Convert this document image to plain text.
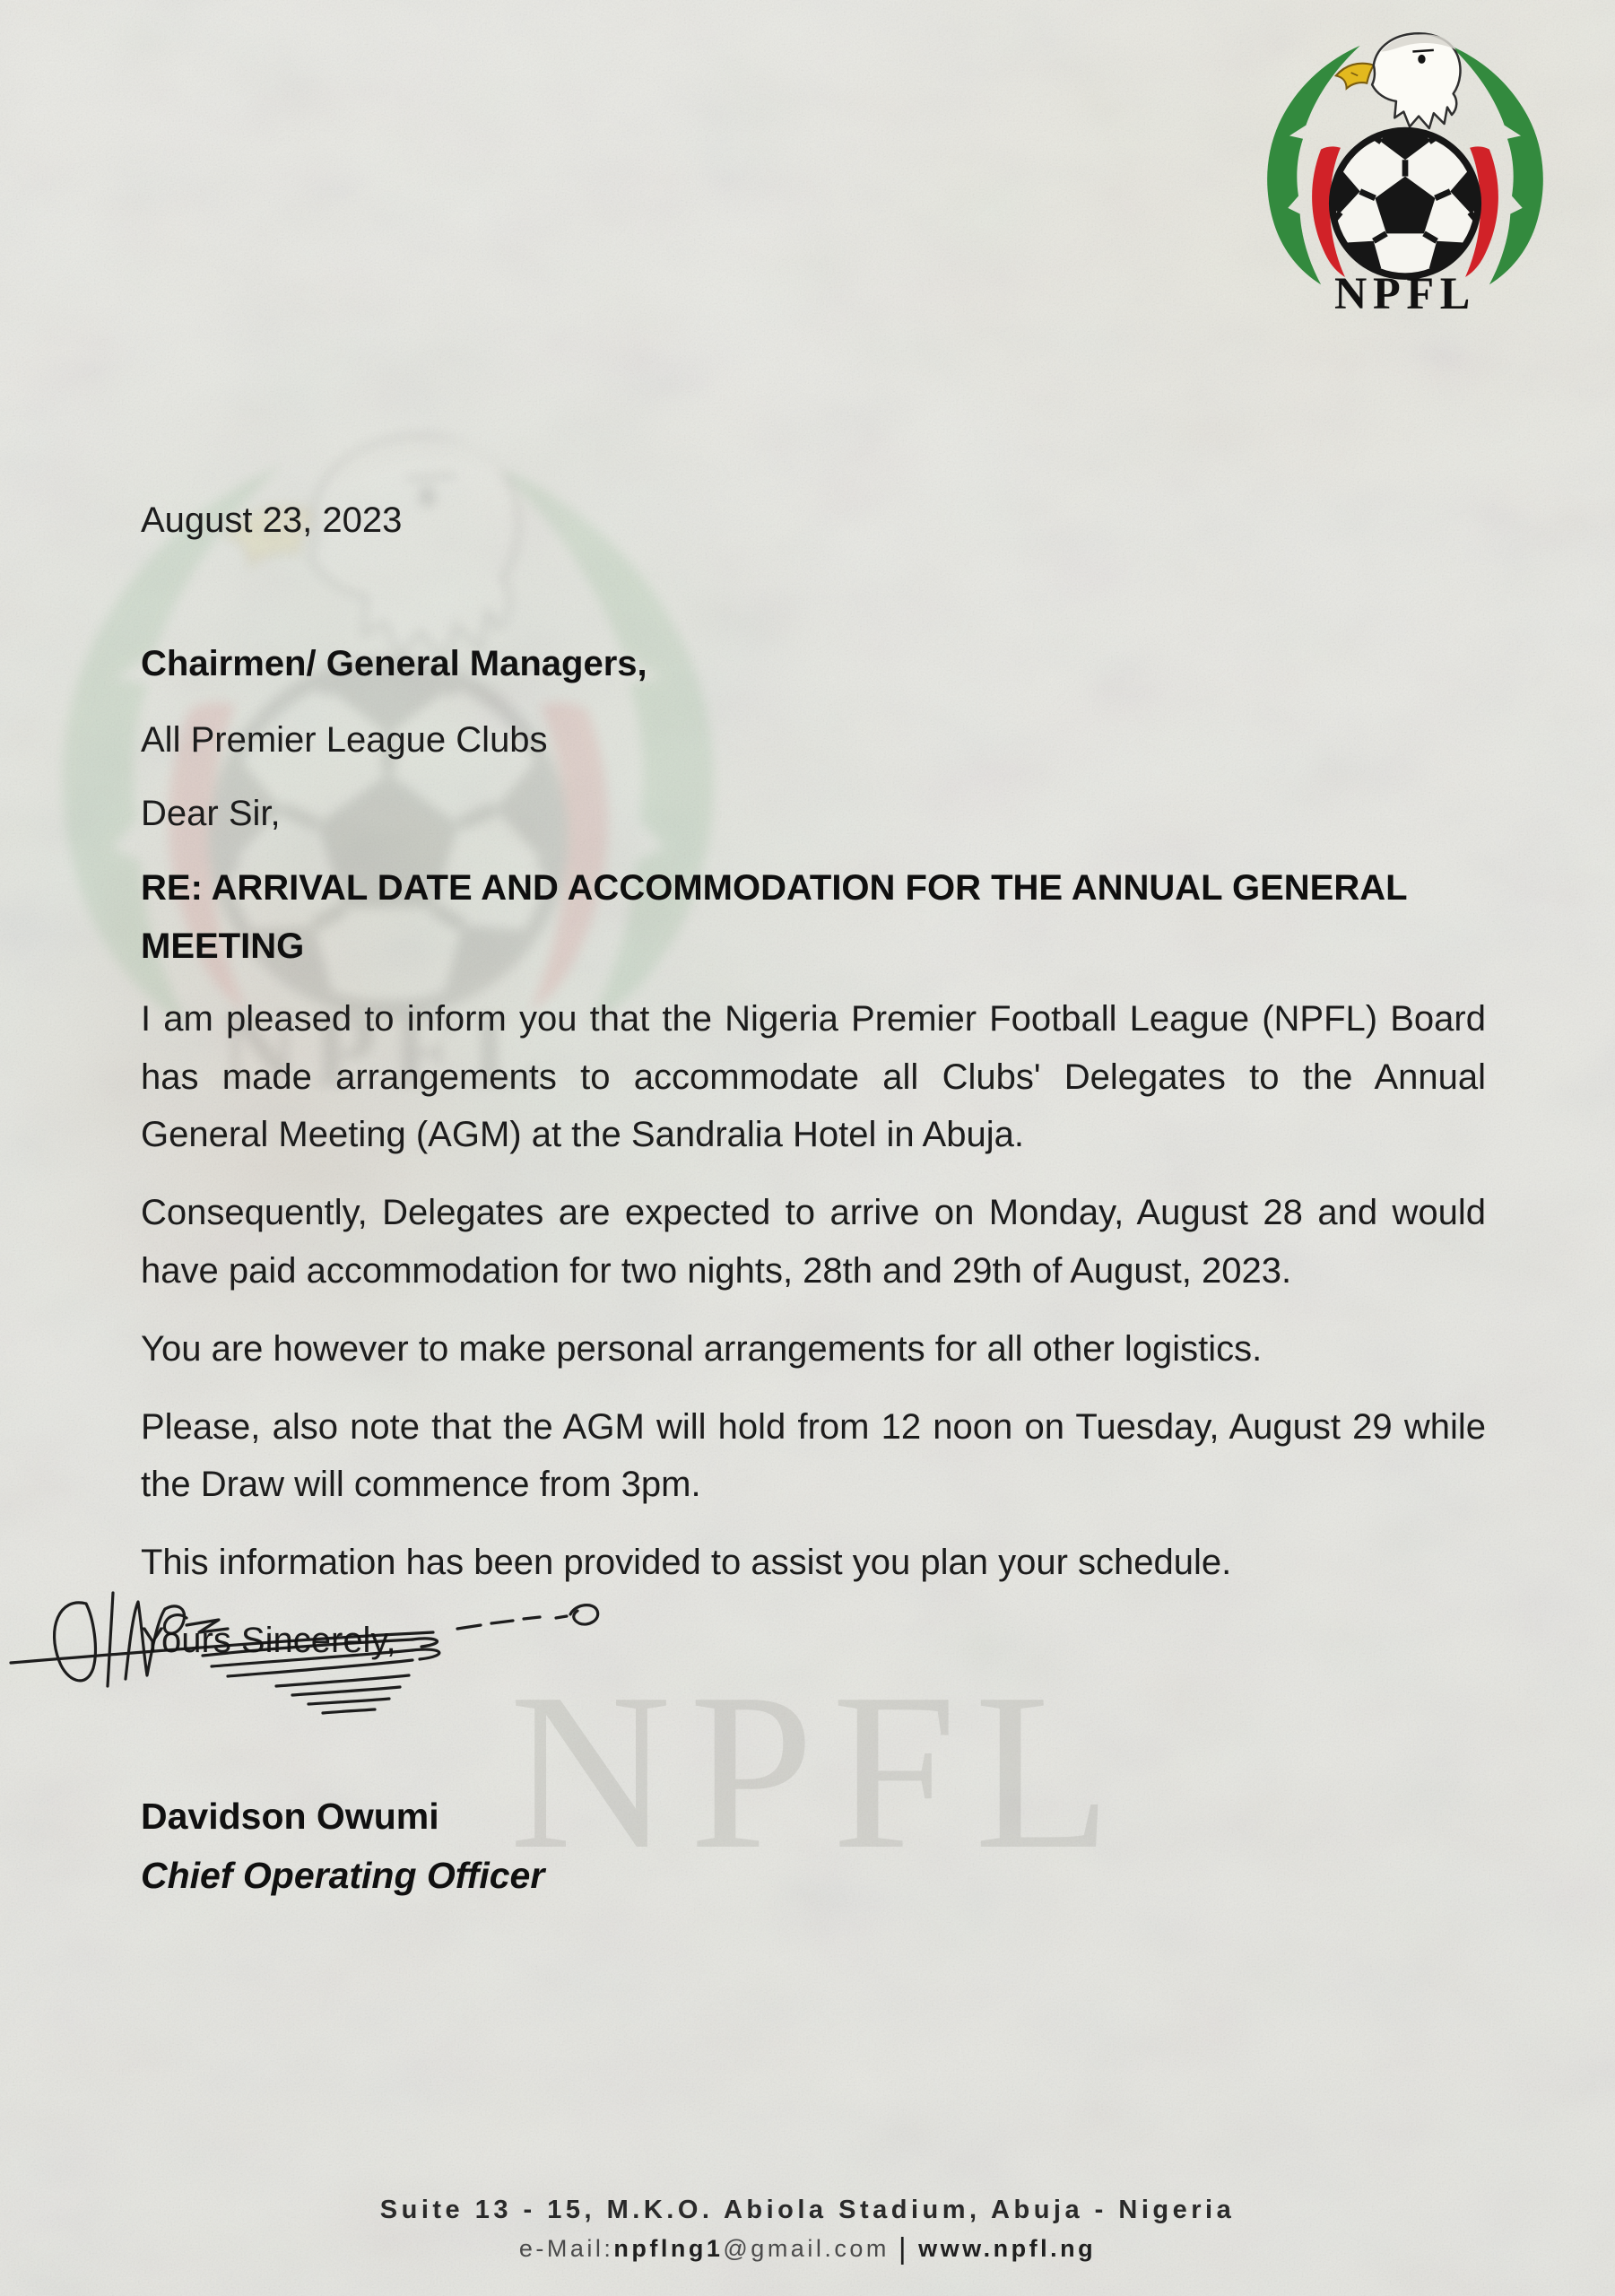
NPFL
August 23, 2023
Chairmen/ General Managers,
All Premier League Clubs
Dear Sir,
RE: ARRIVAL DATE AND ACCOMMODATION FOR THE ANNUAL GENERAL MEETING

I am pleased to inform you that the Nigeria Premier Football League (NPFL) Board has made arrangements to accommodate all Clubs' Delegates to the Annual General Meeting (AGM) at the Sandralia Hotel in Abuja.

Consequently, Delegates are expected to arrive on Monday, August 28 and would have paid accommodation for two nights, 28th and 29th of August, 2023.

You are however to make personal arrangements for all other logistics.

Please, also note that the AGM will hold from 12 noon on Tuesday, August 29 while the Draw will commence from 3pm.

This information has been provided to assist you plan your schedule.

Yours Sincerely,
Davidson Owumi
Chief Operating Officer
Suite 13 - 15, M.K.O. Abiola Stadium, Abuja - Nigeria
e-Mail:npflng1@gmail.com | www.npfl.ng
